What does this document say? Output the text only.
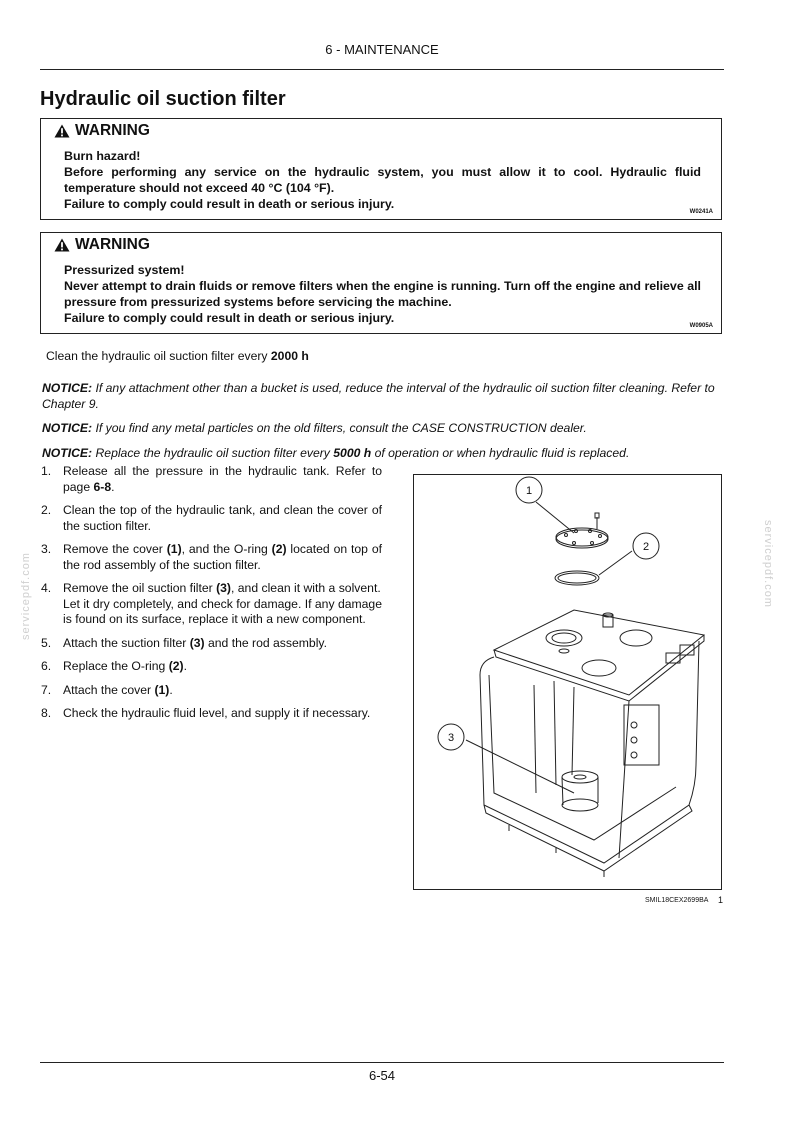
6 - MAINTENANCE
Hydraulic oil suction filter
WARNING
Burn hazard!
Before performing any service on the hydraulic system, you must allow it to cool. Hydraulic fluid temperature should not exceed 40 °C (104 °F).
Failure to comply could result in death or serious injury.
W0241A
WARNING
Pressurized system!
Never attempt to drain fluids or remove filters when the engine is running. Turn off the engine and relieve all pressure from pressurized systems before servicing the machine.
Failure to comply could result in death or serious injury.
W0905A
Clean the hydraulic oil suction filter every 2000 h
NOTICE: If any attachment other than a bucket is used, reduce the interval of the hydraulic oil suction filter cleaning. Refer to Chapter 9.
NOTICE: If you find any metal particles on the old filters, consult the CASE CONSTRUCTION dealer.
NOTICE: Replace the hydraulic oil suction filter every 5000 h of operation or when hydraulic fluid is replaced.
1. Release all the pressure in the hydraulic tank. Refer to page 6-8.
2. Clean the top of the hydraulic tank, and clean the cover of the suction filter.
3. Remove the cover (1), and the O-ring (2) located on top of the rod assembly of the suction filter.
4. Remove the oil suction filter (3), and clean it with a solvent.
Let it dry completely, and check for damage. If any damage is found on its surface, replace it with a new component.
5. Attach the suction filter (3) and the rod assembly.
6. Replace the O-ring (2).
7. Attach the cover (1).
8. Check the hydraulic fluid level, and supply it if necessary.
1
2
3
SMIL18CEX2699BA 1
servicepdf.com	servicepdf.com
6-54
